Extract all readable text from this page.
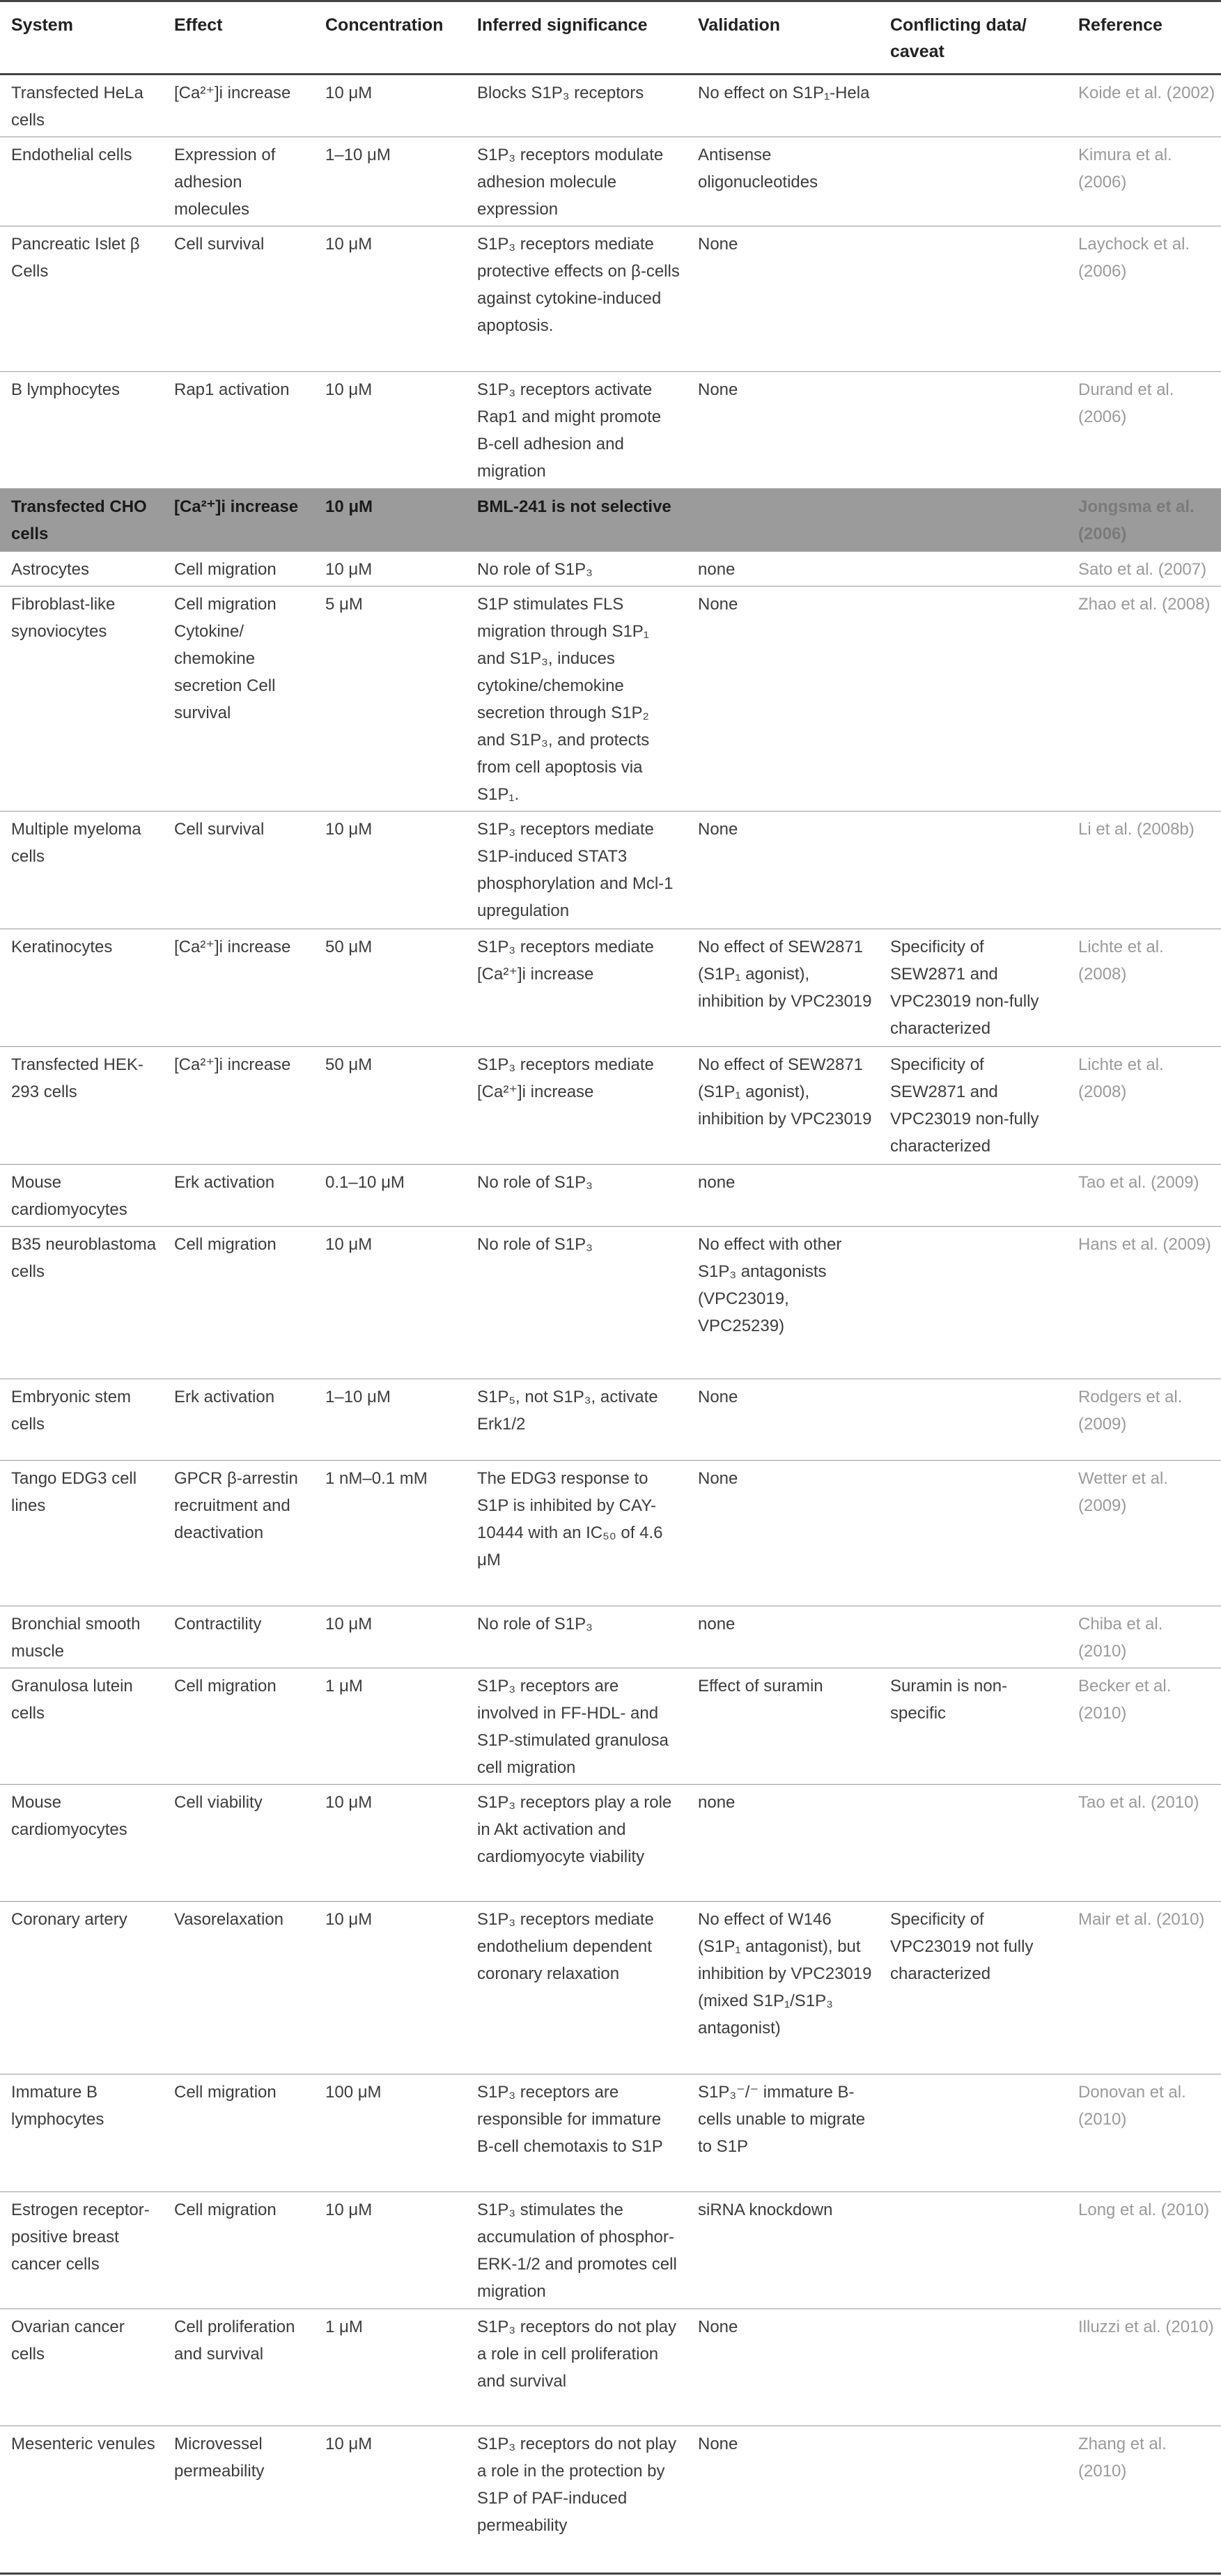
System	Effect	Concentration	Inferred significance	Validation	Conflicting data/ caveat	Reference
Transfected HeLa cells	[Ca²⁺]i increase	10 μM	Blocks S1P₃ receptors	No effect on S1P₁-Hela		Koide et al. (2002)
Endothelial cells	Expression of adhesion molecules	1–10 μM	S1P₃ receptors modulate adhesion molecule expression	Antisense oligonucleotides		Kimura et al. (2006)
Pancreatic Islet β Cells	Cell survival	10 μM	S1P₃ receptors mediate protective effects on β-cells against cytokine-induced apoptosis.	None		Laychock et al. (2006)
B lymphocytes	Rap1 activation	10 μM	S1P₃ receptors activate Rap1 and might promote B-cell adhesion and migration	None		Durand et al. (2006)
Transfected CHO cells	[Ca²⁺]i increase	10 μM	BML-241 is not selective			Jongsma et al. (2006)
Astrocytes	Cell migration	10 μM	No role of S1P₃	none		Sato et al. (2007)
Fibroblast-like synoviocytes	Cell migration Cytokine/ chemokine secretion Cell survival	5 μM	S1P stimulates FLS migration through S1P₁ and S1P₃, induces cytokine/chemokine secretion through S1P₂ and S1P₃, and protects from cell apoptosis via S1P₁.	None		Zhao et al. (2008)
Multiple myeloma cells	Cell survival	10 μM	S1P₃ receptors mediate S1P-induced STAT3 phosphorylation and Mcl-1 upregulation	None		Li et al. (2008b)
Keratinocytes	[Ca²⁺]i increase	50 μM	S1P₃ receptors mediate [Ca²⁺]i increase	No effect of SEW2871 (S1P₁ agonist), inhibition by VPC23019	Specificity of SEW2871 and VPC23019 non-fully characterized	Lichte et al. (2008)
Transfected HEK-293 cells	[Ca²⁺]i increase	50 μM	S1P₃ receptors mediate [Ca²⁺]i increase	No effect of SEW2871 (S1P₁ agonist), inhibition by VPC23019	Specificity of SEW2871 and VPC23019 non-fully characterized	Lichte et al. (2008)
Mouse cardiomyocytes	Erk activation	0.1–10 μM	No role of S1P₃	none		Tao et al. (2009)
B35 neuroblastoma cells	Cell migration	10 μM	No role of S1P₃	No effect with other S1P₃ antagonists (VPC23019, VPC25239)		Hans et al. (2009)
Embryonic stem cells	Erk activation	1–10 μM	S1P₅, not S1P₃, activate Erk1/2	None		Rodgers et al. (2009)
Tango EDG3 cell lines	GPCR β-arrestin recruitment and deactivation	1 nM–0.1 mM	The EDG3 response to S1P is inhibited by CAY-10444 with an IC₅₀ of 4.6 μM	None		Wetter et al. (2009)
Bronchial smooth muscle	Contractility	10 μM	No role of S1P₃	none		Chiba et al. (2010)
Granulosa lutein cells	Cell migration	1 μM	S1P₃ receptors are involved in FF-HDL- and S1P-stimulated granulosa cell migration	Effect of suramin	Suramin is non-specific	Becker et al. (2010)
Mouse cardiomyocytes	Cell viability	10 μM	S1P₃ receptors play a role in Akt activation and cardiomyocyte viability	none		Tao et al. (2010)
Coronary artery	Vasorelaxation	10 μM	S1P₃ receptors mediate endothelium dependent coronary relaxation	No effect of W146 (S1P₁ antagonist), but inhibition by VPC23019 (mixed S1P₁/S1P₃ antagonist)	Specificity of VPC23019 not fully characterized	Mair et al. (2010)
Immature B lymphocytes	Cell migration	100 μM	S1P₃ receptors are responsible for immature B-cell chemotaxis to S1P	S1P₃⁻/⁻ immature B-cells unable to migrate to S1P		Donovan et al. (2010)
Estrogen receptor-positive breast cancer cells	Cell migration	10 μM	S1P₃ stimulates the accumulation of phosphor-ERK-1/2 and promotes cell migration	siRNA knockdown		Long et al. (2010)
Ovarian cancer cells	Cell proliferation and survival	1 μM	S1P₃ receptors do not play a role in cell proliferation and survival	None		Illuzzi et al. (2010)
Mesenteric venules	Microvessel permeability	10 μM	S1P₃ receptors do not play a role in the protection by S1P of PAF-induced permeability	None		Zhang et al. (2010)
